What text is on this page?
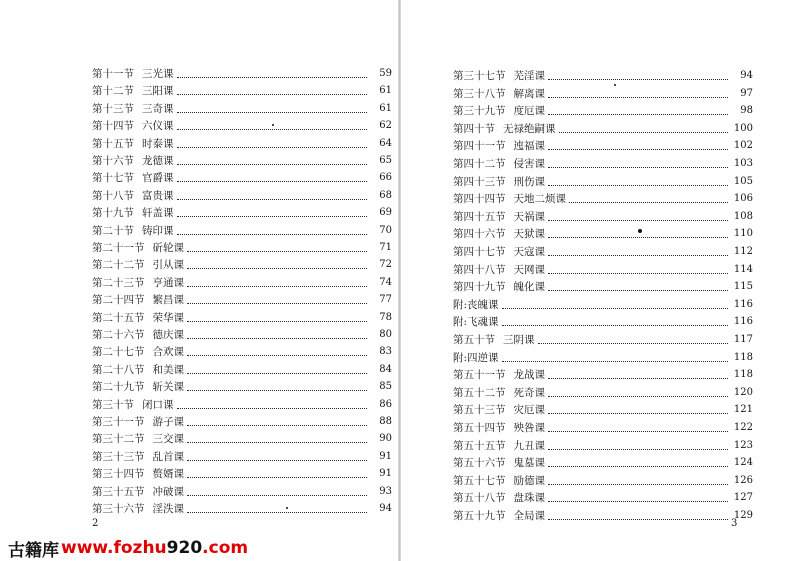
第十一节 三光课	59
第十二节 三阳课	61
第十三节 三奇课	61
第十四节 六仪课	62
第十五节 时泰课	64
第十六节 龙德课	65
第十七节 官爵课	66
第十八节 富贵课	68
第十九节 轩盖课	69
第二十节 铸印课	70
第二十一节 斫轮课	71
第二十二节 引从课	72
第二十三节 亨通课	74
第二十四节 繁昌课	77
第二十五节 荣华课	78
第二十六节 德庆课	80
第二十七节 合欢课	83
第二十八节 和美课	84
第二十九节 斩关课	85
第三十节 闭口课	86
第三十一节 游子课	88
第三十二节 三交课	90
第三十三节 乱首课	91
第三十四节 赘婿课	91
第三十五节 冲破课	93
第三十六节 淫泆课	94
2
第三十七节 芜淫课	94
第三十八节 解离课	97
第三十九节 度厄课	98
第四十节 无禄绝嗣课	100
第四十一节 迍福课	102
第四十二节 侵害课	103
第四十三节 刑伤课	105
第四十四节 天地二烦课	106
第四十五节 天祸课	108
第四十六节 天狱课	110
第四十七节 天寇课	112
第四十八节 天网课	114
第四十九节 魄化课	115
附:丧魄课	116
附:飞魂课	116
第五十节 三阴课	117
附:四逆课	118
第五十一节 龙战课	118
第五十二节 死奇课	120
第五十三节 灾厄课	121
第五十四节 殃咎课	122
第五十五节 九丑课	123
第五十六节 鬼墓课	124
第五十七节 励德课	126
第五十八节 盘珠课	127
第五十九节 全局课	129
3
古籍库 www.fozhu920.com
